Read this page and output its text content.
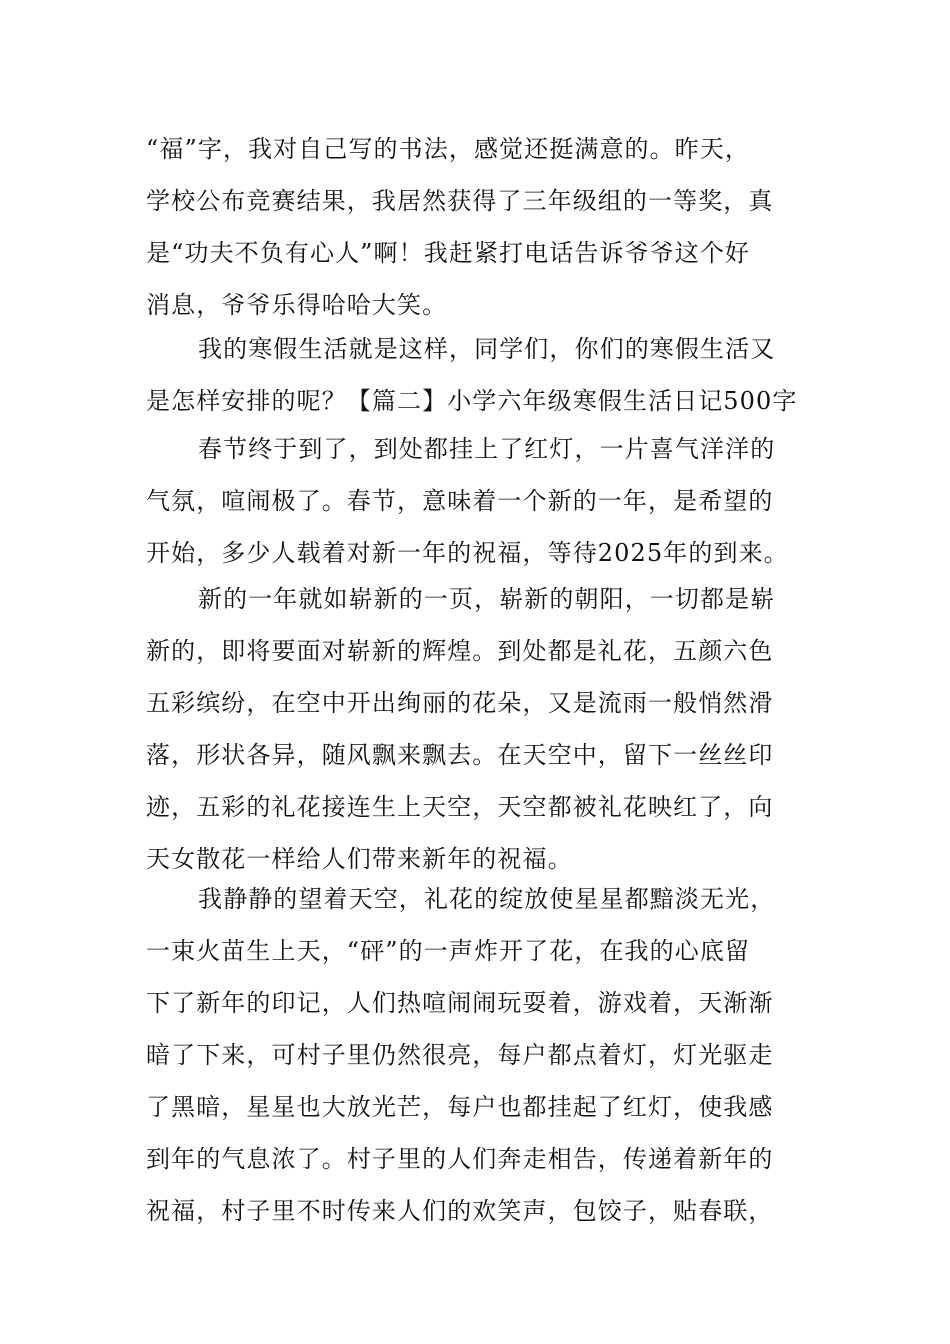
“福”字，我对自己写的书法，感觉还挺满意的。昨天，
学校公布竞赛结果，我居然获得了三年级组的一等奖，真
是“功夫不负有心人”啊！我赶紧打电话告诉爷爷这个好
消息，爷爷乐得哈哈大笑。
我的寒假生活就是这样，同学们，你们的寒假生活又
是怎样安排的呢？【篇二】小学六年级寒假生活日记500字
春节终于到了，到处都挂上了红灯，一片喜气洋洋的
气氛，喧闹极了。春节，意味着一个新的一年，是希望的
开始，多少人载着对新一年的祝福，等待2025年的到来。
新的一年就如崭新的一页，崭新的朝阳，一切都是崭
新的，即将要面对崭新的辉煌。到处都是礼花，五颜六色
五彩缤纷，在空中开出绚丽的花朵，又是流雨一般悄然滑
落，形状各异，随风飘来飘去。在天空中，留下一丝丝印
迹，五彩的礼花接连生上天空，天空都被礼花映红了，向
天女散花一样给人们带来新年的祝福。
我静静的望着天空，礼花的绽放使星星都黯淡无光，
一束火苗生上天，“砰”的一声炸开了花，在我的心底留
下了新年的印记，人们热喧闹闹玩耍着，游戏着，天渐渐
暗了下来，可村子里仍然很亮，每户都点着灯，灯光驱走
了黑暗，星星也大放光芒，每户也都挂起了红灯，使我感
到年的气息浓了。村子里的人们奔走相告，传递着新年的
祝福，村子里不时传来人们的欢笑声，包饺子，贴春联，
